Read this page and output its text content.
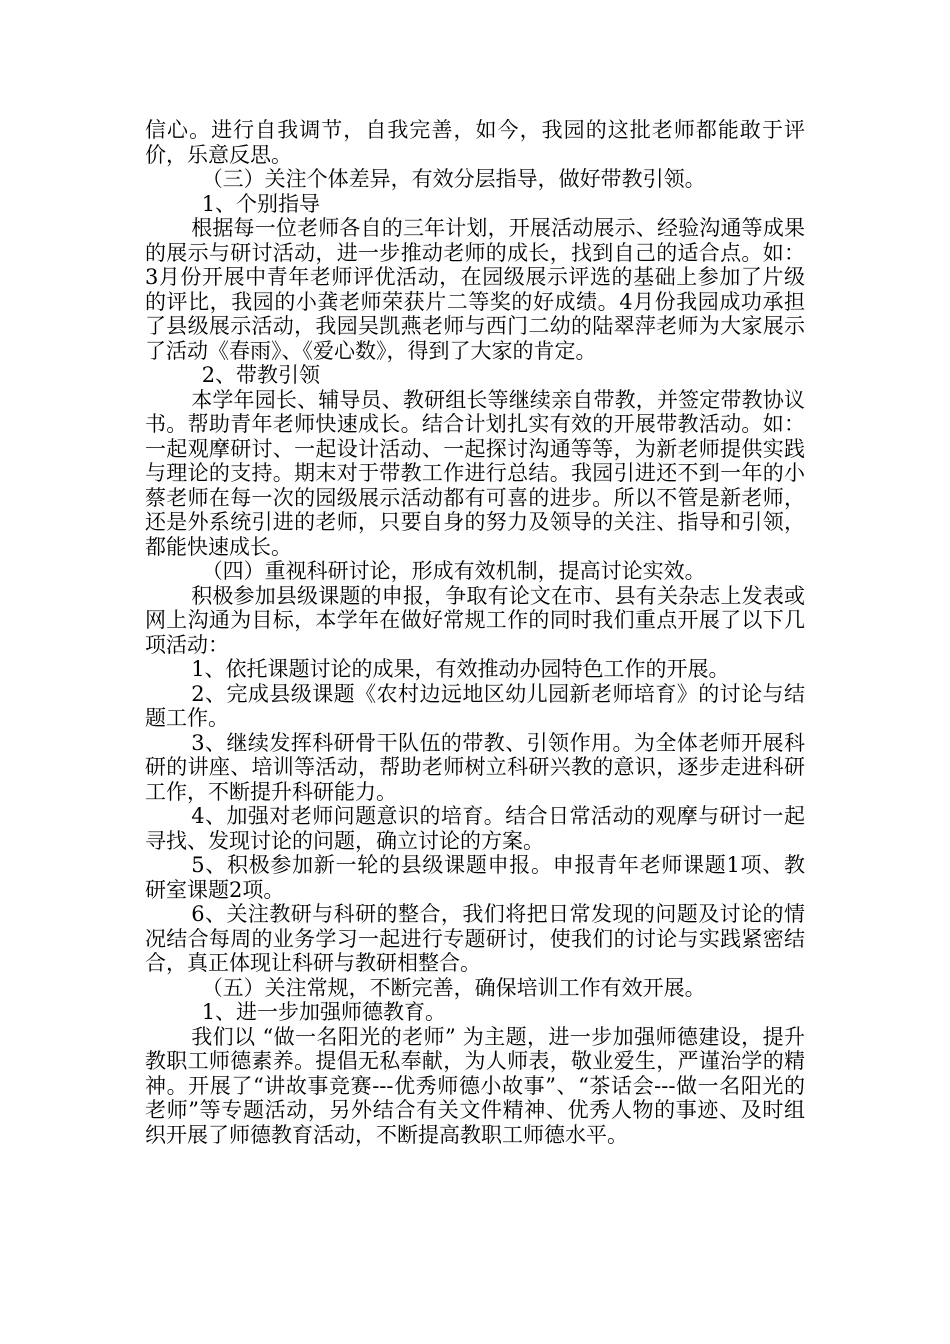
信心。进行自我调节，自我完善，如今，我园的这批老师都能敢于评价，乐意反思。

（三）关注个体差异，有效分层指导，做好带教引领。

1、个别指导

根据每一位老师各自的三年计划，开展活动展示、经验沟通等成果的展示与研讨活动，进一步推动老师的成长，找到自己的适合点。如：3月份开展中青年老师评优活动，在园级展示评选的基础上参加了片级的评比，我园的小龚老师荣获片二等奖的好成绩。4月份我园成功承担了县级展示活动，我园吴凯燕老师与西门二幼的陆翠萍老师为大家展示了活动《春雨》、《爱心数》，得到了大家的肯定。

2、带教引领

本学年园长、辅导员、教研组长等继续亲自带教，并签定带教协议书。帮助青年老师快速成长。结合计划扎实有效的开展带教活动。如：一起观摩研讨、一起设计活动、一起探讨沟通等等，为新老师提供实践与理论的支持。期末对于带教工作进行总结。我园引进还不到一年的小蔡老师在每一次的园级展示活动都有可喜的进步。所以不管是新老师，还是外系统引进的老师，只要自身的努力及领导的关注、指导和引领，都能快速成长。

（四）重视科研讨论，形成有效机制，提高讨论实效。

积极参加县级课题的申报，争取有论文在市、县有关杂志上发表或网上沟通为目标，本学年在做好常规工作的同时我们重点开展了以下几项活动：

1、依托课题讨论的成果，有效推动办园特色工作的开展。

2、完成县级课题《农村边远地区幼儿园新老师培育》的讨论与结题工作。

3、继续发挥科研骨干队伍的带教、引领作用。为全体老师开展科研的讲座、培训等活动，帮助老师树立科研兴教的意识，逐步走进科研工作，不断提升科研能力。

4、加强对老师问题意识的培育。结合日常活动的观摩与研讨一起寻找、发现讨论的问题，确立讨论的方案。

5、积极参加新一轮的县级课题申报。申报青年老师课题1项、教研室课题2项。

6、关注教研与科研的整合，我们将把日常发现的问题及讨论的情况结合每周的业务学习一起进行专题研讨，使我们的讨论与实践紧密结合，真正体现让科研与教研相整合。

（五）关注常规，不断完善，确保培训工作有效开展。

1、进一步加强师德教育。

我们以 “做一名阳光的老师” 为主题，进一步加强师德建设，提升教职工师德素养。提倡无私奉献，为人师表，敬业爱生，严谨治学的精神。开展了“讲故事竞赛---优秀师德小故事”、“茶话会---做一名阳光的老师”等专题活动，另外结合有关文件精神、优秀人物的事迹、及时组织开展了师德教育活动，不断提高教职工师德水平。
